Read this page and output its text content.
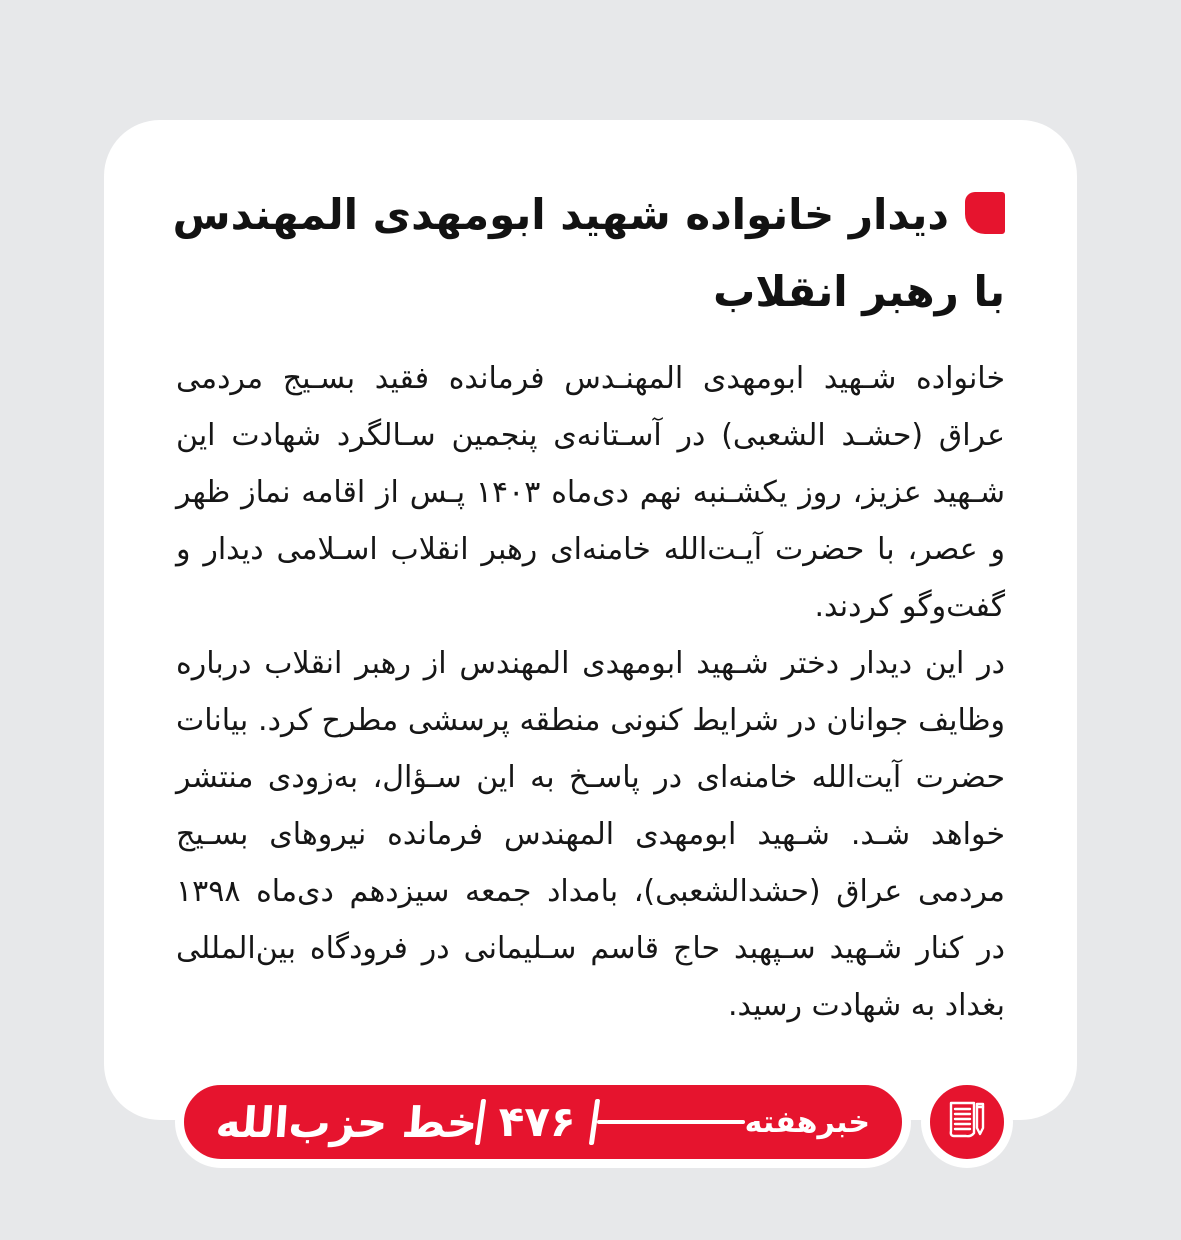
دیدار خانواده شهید ابومهدی المهندس
با رهبر انقلاب
خانواده شـهید ابومهدی المهنـدس فرمانده فقید بسـیج مردمی
عراق (حشـد الشعبی) در آسـتانه‌ی پنجمین سـالگرد شهادت این
شـهید عزیز، روز یکشـنبه نهم دی‌ماه ۱۴۰۳ پـس از اقامه نماز ظهر
و عصر، با حضرت آیـت‌الله خامنه‌ای رهبر انقلاب اسـلامی دیدار و
گفت‌وگو کردند.
در این دیدار دختر شـهید ابومهدی المهندس از رهبر انقلاب درباره
وظایف جوانان در شرایط کنونی منطقه پرسشی مطرح کرد. بیانات
حضرت آیت‌الله خامنه‌ای در پاسـخ به این سـؤال، به‌زودی منتشر
خواهد شـد. شـهید ابومهدی المهندس فرمانده نیروهای بسـیج
مردمی عراق (حشدالشعبی)، بامداد جمعه سیزدهم دی‌ماه ۱۳۹۸
در کنار شـهید سـپهبد حاج قاسم سـلیمانی در فرودگاه بین‌المللی
بغداد به شهادت رسید.
خبرهفته
۴۷۶
خط حزب‌الله
